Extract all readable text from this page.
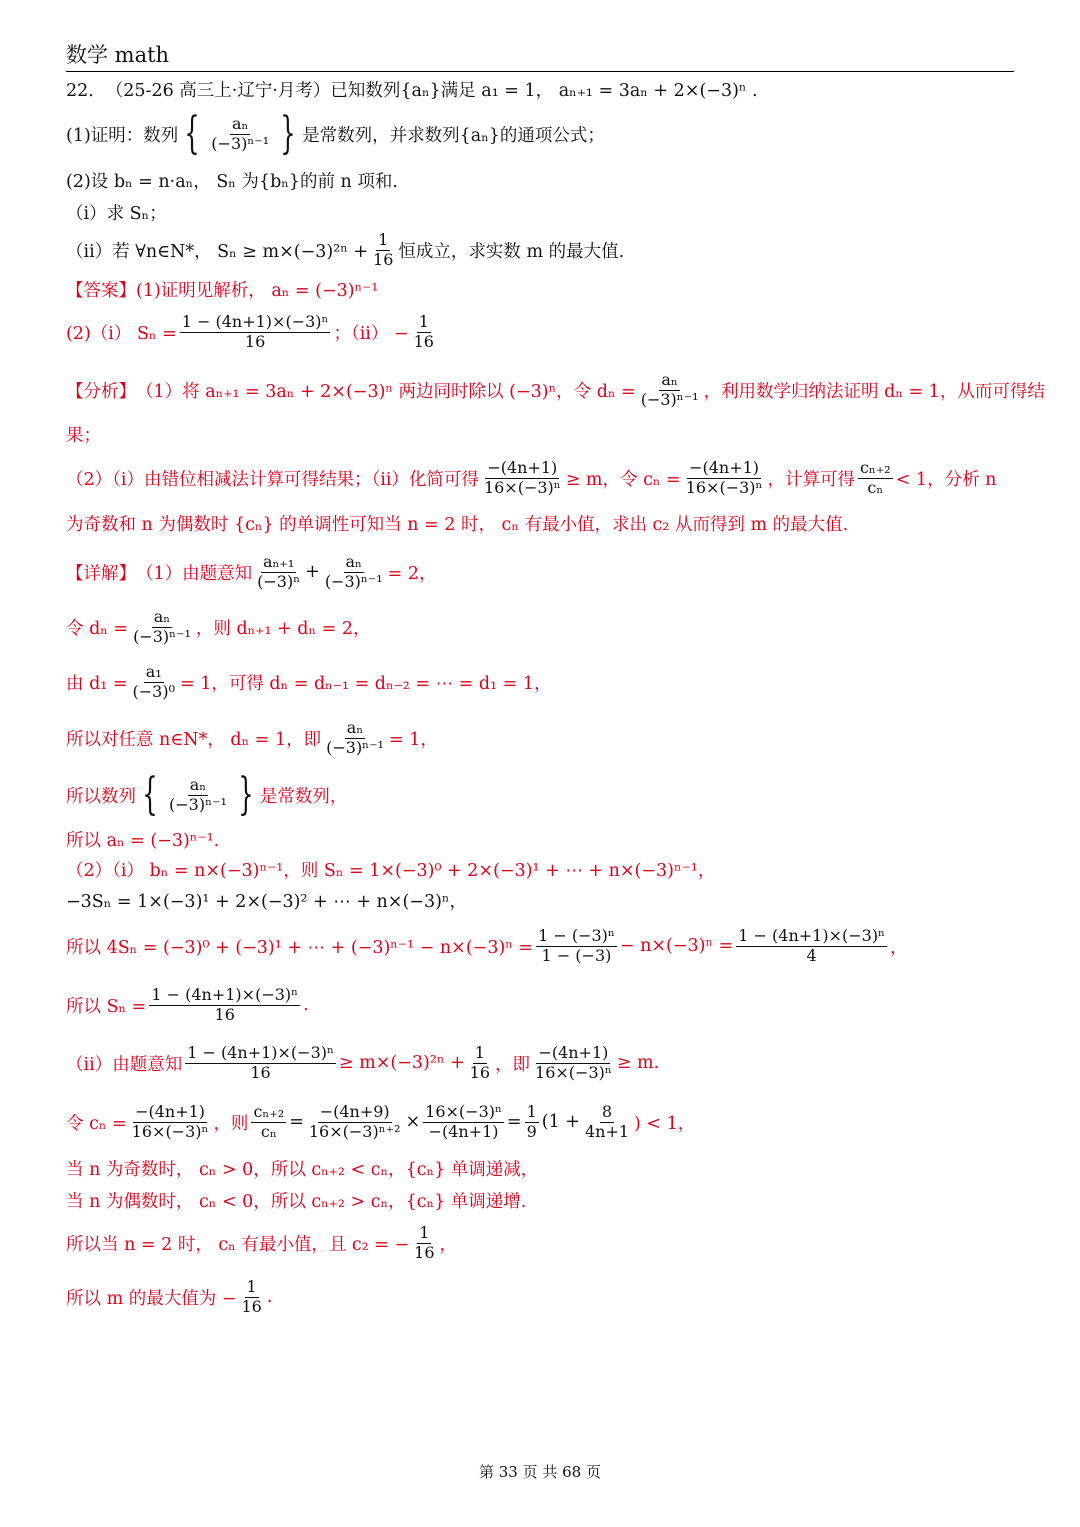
数学 math
22． （25-26 高三上·辽宁·月考） 已知数列{aₙ}满足 a₁ = 1， aₙ₊₁ = 3aₙ + 2×(−3)ⁿ .
(1)证明：数列 { $\frac{\text{aₙ}}{\text{(−3)ⁿ⁻¹}}$ } 是常数列，并求数列{aₙ}的通项公式；
(2)设 bₙ = n·aₙ， Sₙ 为{bₙ}的前 n 项和.
（i）求 Sₙ；
（ii）若 ∀n∈N*， $S_n \ge m\times(-3)^{2n} + \frac{1}{16}$ 恒成立，求实数 m 的最大值.
【答案】 (1)证明见解析， aₙ = (−3)ⁿ⁻¹
(2)（i） $S_n = \frac{\text{1 − (4n+1)×(−3)ⁿ}}{16}$ ；$(ii) - \frac{1}{16}$
【分析】 （1）将 aₙ₊₁ = 3aₙ + 2×(−3)ⁿ 两边同时除以 (−3)ⁿ，令 $d_n = \frac{\text{aₙ}}{\text{(−3)ⁿ⁻¹}}$ ，利用数学归纳法证明 dₙ = 1，从而可得结
果；
（2）（i）由错位相减法计算可得结果；（ii）化简可得 $\frac{-(4n+1)}{\text{16×(−3)ⁿ}} \ge m$，令 $c_n = \frac{-(4n+1)}{\text{16×(−3)ⁿ}}$ ，计算可得 $\frac{\text{cₙ₊₂}}{\text{cₙ}} < 1$，分析 n
为奇数和 n 为偶数时 {cₙ} 的单调性可知当 n = 2 时， cₙ 有最小值，求出 c₂ 从而得到 m 的最大值.
【详解】 （1）由题意知 $\frac{\text{aₙ₊₁}}{\text{(−3)ⁿ}} + \frac{\text{aₙ}}{\text{(−3)ⁿ⁻¹}} = 2$，
令 $d_n = \frac{\text{aₙ}}{\text{(−3)ⁿ⁻¹}}$ ，则 dₙ₊₁ + dₙ = 2，
由 $d_1 = \frac{\text{a₁}}{\text{(−3)⁰}} = 1$，可得 dₙ = dₙ₋₁ = dₙ₋₂ = ⋯ = d₁ = 1，
所以对任意 n∈N*， dₙ = 1，即 $\frac{\text{aₙ}}{\text{(−3)ⁿ⁻¹}} = 1$，
所以数列 { $\frac{\text{aₙ}}{\text{(−3)ⁿ⁻¹}}$ } 是常数列，
所以 aₙ = (−3)ⁿ⁻¹.
（2）（i） bₙ = n×(−3)ⁿ⁻¹，则 Sₙ = 1×(−3)⁰ + 2×(−3)¹ + ⋯ + n×(−3)ⁿ⁻¹，
−3Sₙ = 1×(−3)¹ + 2×(−3)² + ⋯ + n×(−3)ⁿ，
所以 4Sₙ = (−3)⁰ + (−3)¹ + ⋯ + $(-3)^{n-1} - n\times(-3)^n = \frac{\text{1 − (−3)ⁿ}}{1 - (-3)} - n\times(-3)^n = \frac{\text{1 − (4n+1)×(−3)ⁿ}}{4}$ ，
所以 $S_n = \frac{\text{1 − (4n+1)×(−3)ⁿ}}{16}$ .
（ii）由题意知 $\frac{\text{1 − (4n+1)×(−3)ⁿ}}{16} \ge m\times(-3)^{2n} + \frac{1}{16}$ ，即 $\frac{-(4n+1)}{\text{16×(−3)ⁿ}} \ge m$.
令 $c_n = \frac{-(4n+1)}{\text{16×(−3)ⁿ}}$ ，则 $\frac{\text{cₙ₊₂}}{\text{cₙ}} = \frac{-(4n+9)}{\text{16×(−3)ⁿ⁺²}} \times \frac{\text{16×(−3)ⁿ}}{-(4n+1)} = \frac{1}{9} (1 + \frac{8}{4n+1}$ ) < 1，
当 n 为奇数时， cₙ > 0，所以 cₙ₊₂ < cₙ，{cₙ} 单调递减，
当 n 为偶数时， cₙ < 0，所以 cₙ₊₂ > cₙ，{cₙ} 单调递增.
所以当 n = 2 时， cₙ 有最小值，且 c₂ = − $\frac{1}{16}$ ，
所以 m 的最大值为 − $\frac{1}{16}$ .
第 33 页 共 68 页
